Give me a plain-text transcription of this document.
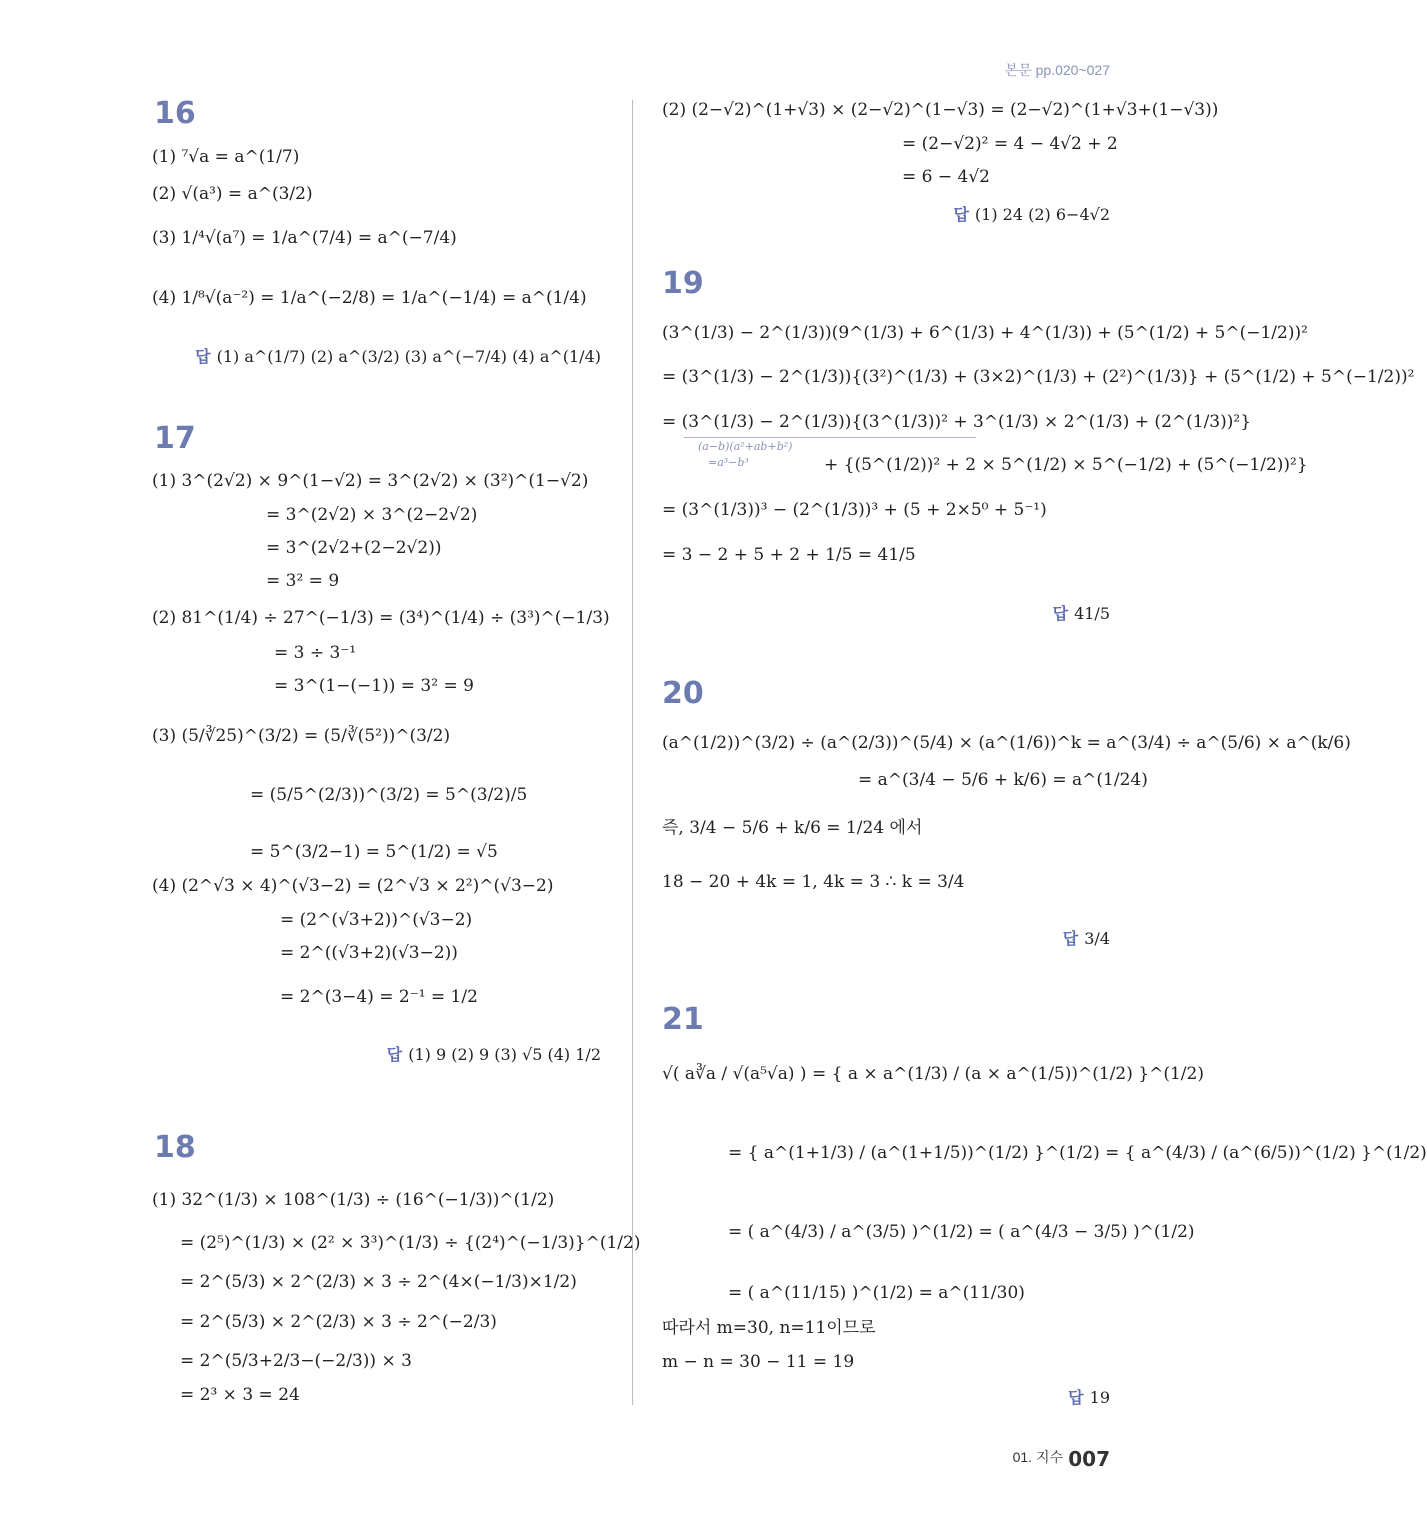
본문 pp.020~027
16
(1) ⁷√a = a^(1/7)
(2) √(a³) = a^(3/2)
(3) 1/⁴√(a⁷) = 1/a^(7/4) = a^(−7/4)
(4) 1/⁸√(a⁻²) = 1/a^(−2/8) = 1/a^(−1/4) = a^(1/4)
답 (1) a^(1/7) (2) a^(3/2) (3) a^(−7/4) (4) a^(1/4)
17
(1) 3^(2√2) × 9^(1−√2) = 3^(2√2) × (3²)^(1−√2)
= 3^(2√2) × 3^(2−2√2)
= 3^(2√2+(2−2√2))
= 3² = 9
(2) 81^(1/4) ÷ 27^(−1/3) = (3⁴)^(1/4) ÷ (3³)^(−1/3)
= 3 ÷ 3⁻¹
= 3^(1−(−1)) = 3² = 9
(3) (5/∛25)^(3/2) = (5/∛(5²))^(3/2)
= (5/5^(2/3))^(3/2) = 5^(3/2)/5
= 5^(3/2−1) = 5^(1/2) = √5
(4) (2^√3 × 4)^(√3−2) = (2^√3 × 2²)^(√3−2)
= (2^(√3+2))^(√3−2)
= 2^((√3+2)(√3−2))
= 2^(3−4) = 2⁻¹ = 1/2
답 (1) 9 (2) 9 (3) √5 (4) 1/2
18
(1) 32^(1/3) × 108^(1/3) ÷ (16^(−1/3))^(1/2)
= (2⁵)^(1/3) × (2² × 3³)^(1/3) ÷ {(2⁴)^(−1/3)}^(1/2)
= 2^(5/3) × 2^(2/3) × 3 ÷ 2^(4×(−1/3)×1/2)
= 2^(5/3) × 2^(2/3) × 3 ÷ 2^(−2/3)
= 2^(5/3+2/3−(−2/3)) × 3
= 2³ × 3 = 24
(2) (2−√2)^(1+√3) × (2−√2)^(1−√3) = (2−√2)^(1+√3+(1−√3))
= (2−√2)² = 4 − 4√2 + 2
= 6 − 4√2
답 (1) 24 (2) 6−4√2
19
(3^(1/3) − 2^(1/3))(9^(1/3) + 6^(1/3) + 4^(1/3)) + (5^(1/2) + 5^(−1/2))²
= (3^(1/3) − 2^(1/3)){(3²)^(1/3) + (3×2)^(1/3) + (2²)^(1/3)} + (5^(1/2) + 5^(−1/2))²
= (3^(1/3) − 2^(1/3)){(3^(1/3))² + 3^(1/3) × 2^(1/3) + (2^(1/3))²}
(a−b)(a²+ab+b²)
=a³−b³	+ {(5^(1/2))² + 2 × 5^(1/2) × 5^(−1/2) + (5^(−1/2))²}
= (3^(1/3))³ − (2^(1/3))³ + (5 + 2×5⁰ + 5⁻¹)
= 3 − 2 + 5 + 2 + 1/5 = 41/5
답 41/5
20
(a^(1/2))^(3/2) ÷ (a^(2/3))^(5/4) × (a^(1/6))^k = a^(3/4) ÷ a^(5/6) × a^(k/6)
= a^(3/4 − 5/6 + k/6) = a^(1/24)
즉, 3/4 − 5/6 + k/6 = 1/24 에서
18 − 20 + 4k = 1, 4k = 3 ∴ k = 3/4
답 3/4
21
√( a∛a / √(a⁵√a) ) = { a × a^(1/3) / (a × a^(1/5))^(1/2) }^(1/2)
= { a^(1+1/3) / (a^(1+1/5))^(1/2) }^(1/2) = { a^(4/3) / (a^(6/5))^(1/2) }^(1/2)
= ( a^(4/3) / a^(3/5) )^(1/2) = ( a^(4/3 − 3/5) )^(1/2)
= ( a^(11/15) )^(1/2) = a^(11/30)
따라서 m=30, n=11이므로
m − n = 30 − 11 = 19
답 19
01. 지수 007
